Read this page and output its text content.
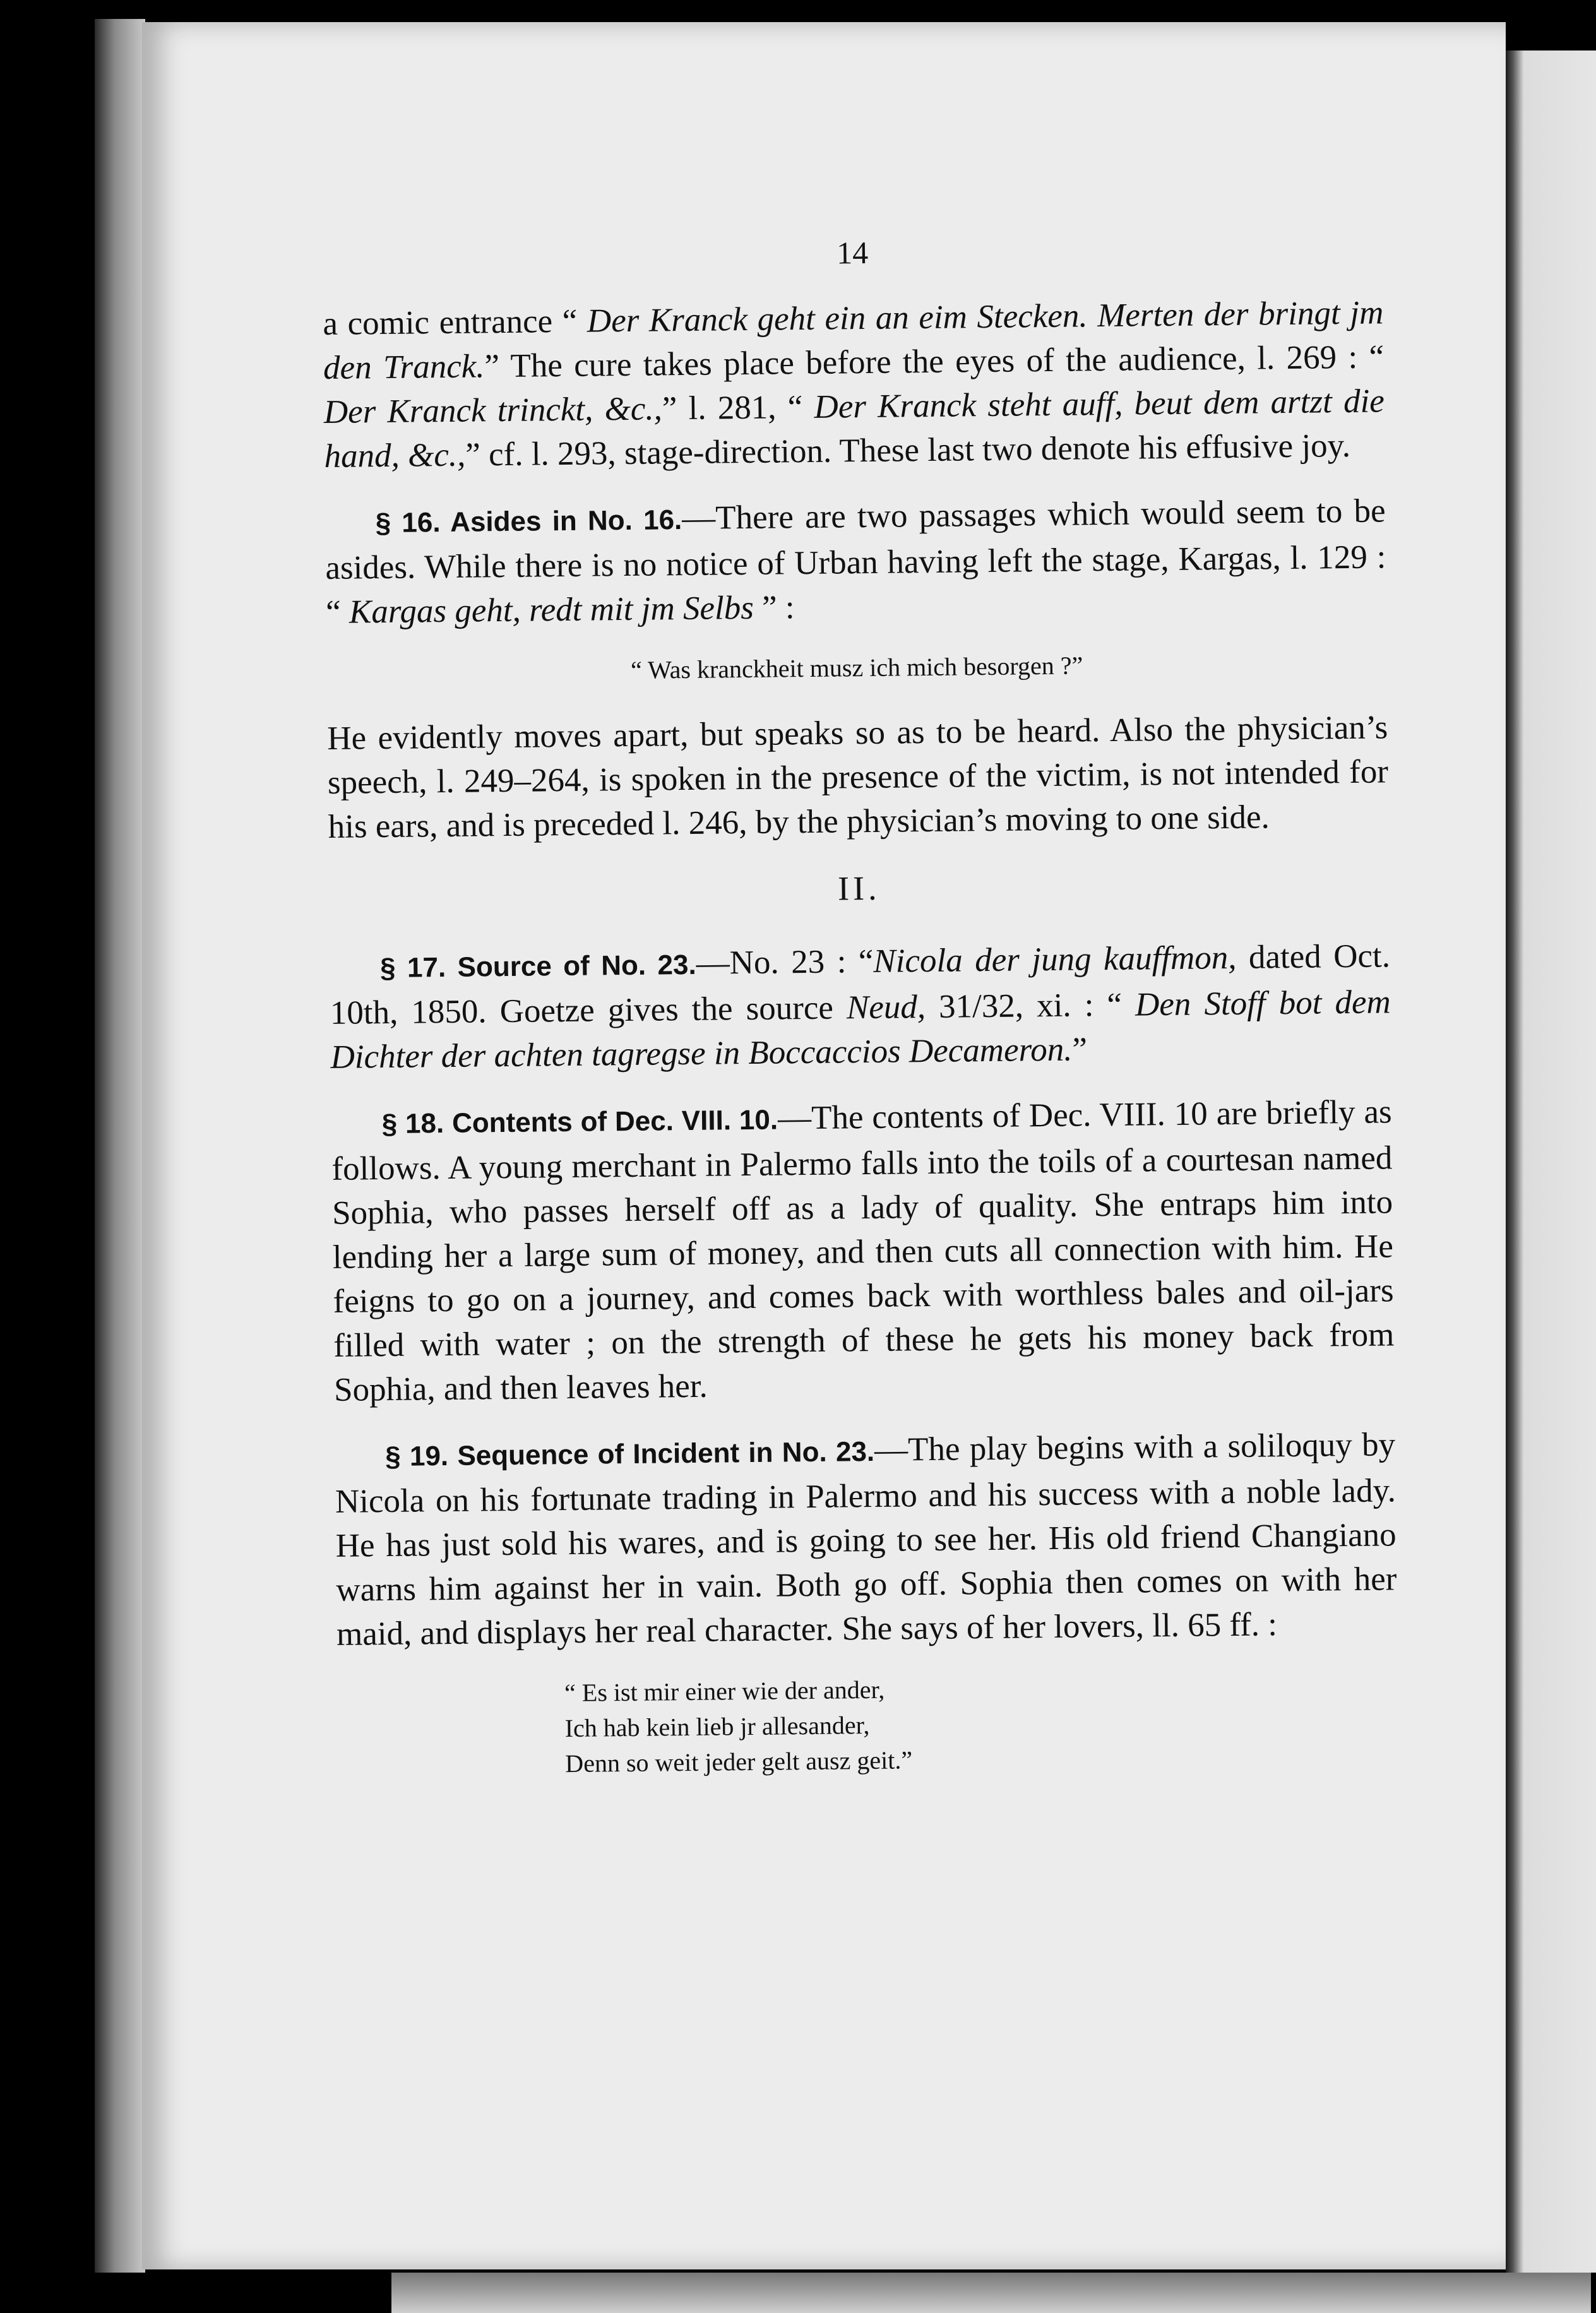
14

a comic entrance “ Der Kranck geht ein an eim Stecken. Merten der bringt jm den Tranck.” The cure takes place before the eyes of the audience, l. 269 : “ Der Kranck trinckt, &c.,” l. 281, “ Der Kranck steht auff, beut dem artzt die hand, &c.,” cf. l. 293, stage-direction. These last two denote his effusive joy.

§ 16. Asides in No. 16.—There are two passages which would seem to be asides. While there is no notice of Urban having left the stage, Kargas, l. 129 : “ Kargas geht, redt mit jm Selbs ” :

“ Was kranckheit musz ich mich besorgen ?”

He evidently moves apart, but speaks so as to be heard. Also the physician’s speech, l. 249–264, is spoken in the presence of the victim, is not intended for his ears, and is preceded l. 246, by the physician’s moving to one side.

II.

§ 17. Source of No. 23.—No. 23 : “Nicola der jung kauffmon, dated Oct. 10th, 1850. Goetze gives the source Neud, 31/32, xi. : “ Den Stoff bot dem Dichter der achten tagregse in Boccaccios Decameron.”

§ 18. Contents of Dec. VIII. 10.—The contents of Dec. VIII. 10 are briefly as follows. A young merchant in Palermo falls into the toils of a courtesan named Sophia, who passes herself off as a lady of quality. She entraps him into lending her a large sum of money, and then cuts all connection with him. He feigns to go on a journey, and comes back with worthless bales and oil-jars filled with water ; on the strength of these he gets his money back from Sophia, and then leaves her.

§ 19. Sequence of Incident in No. 23.—The play begins with a soliloquy by Nicola on his fortunate trading in Palermo and his success with a noble lady. He has just sold his wares, and is going to see her. His old friend Changiano warns him against her in vain. Both go off. Sophia then comes on with her maid, and displays her real character. She says of her lovers, ll. 65 ff. :

“ Es ist mir einer wie der ander,
Ich hab kein lieb jr allesander,
Denn so weit jeder gelt ausz geit.”
